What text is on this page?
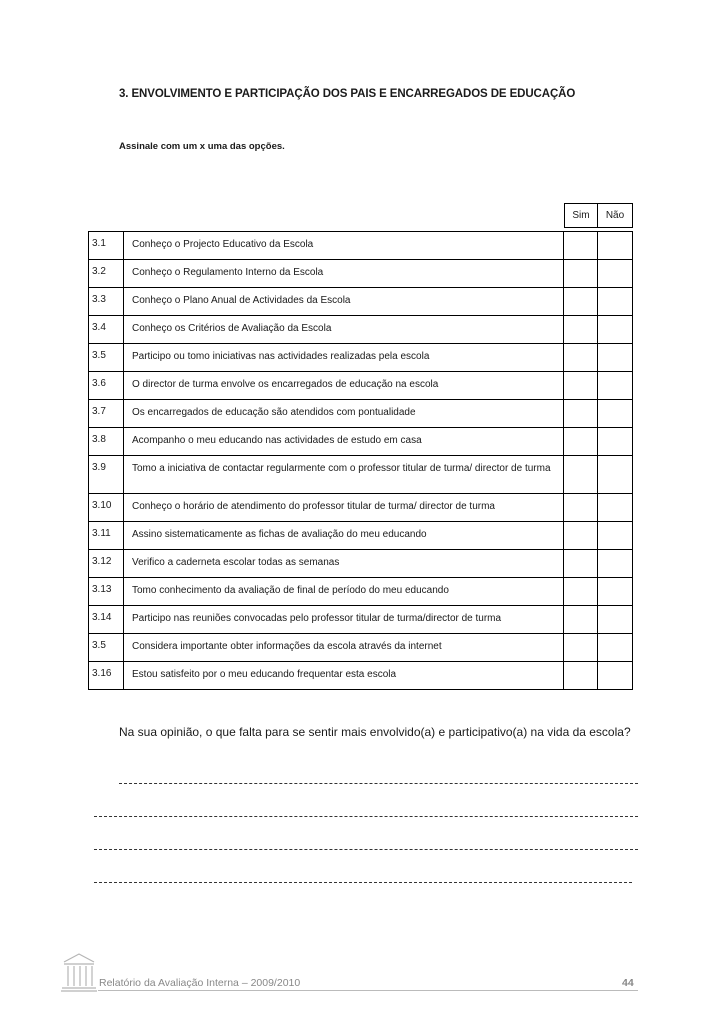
3. ENVOLVIMENTO E PARTICIPAÇÃO DOS PAIS E ENCARREGADOS DE EDUCAÇÃO
Assinale com um x uma das opções.
Sim	Não
3.1	Conheço o Projecto Educativo da Escola
3.2	Conheço o Regulamento Interno da Escola
3.3	Conheço o Plano Anual de Actividades da Escola
3.4	Conheço os Critérios de Avaliação da Escola
3.5	Participo ou tomo iniciativas nas actividades realizadas pela escola
3.6	O director de turma envolve os encarregados de educação na escola
3.7	Os encarregados de educação são atendidos com pontualidade
3.8	Acompanho o meu educando nas actividades de estudo em casa
3.9	Tomo a iniciativa de contactar regularmente com o professor titular de turma/ director de turma
3.10	Conheço o horário de atendimento do professor titular de turma/ director de turma
3.11	Assino sistematicamente as fichas de avaliação do meu educando
3.12	Verifico a caderneta escolar todas as semanas
3.13	Tomo conhecimento da avaliação de final de período do meu educando
3.14	Participo nas reuniões convocadas pelo professor titular de turma/director de turma
3.5	Considera importante obter informações da escola através da internet
3.16	Estou satisfeito por o meu educando frequentar esta escola
Na sua opinião, o que falta para se sentir mais envolvido(a) e participativo(a) na vida da escola?
Relatório da Avaliação Interna – 2009/2010	44
